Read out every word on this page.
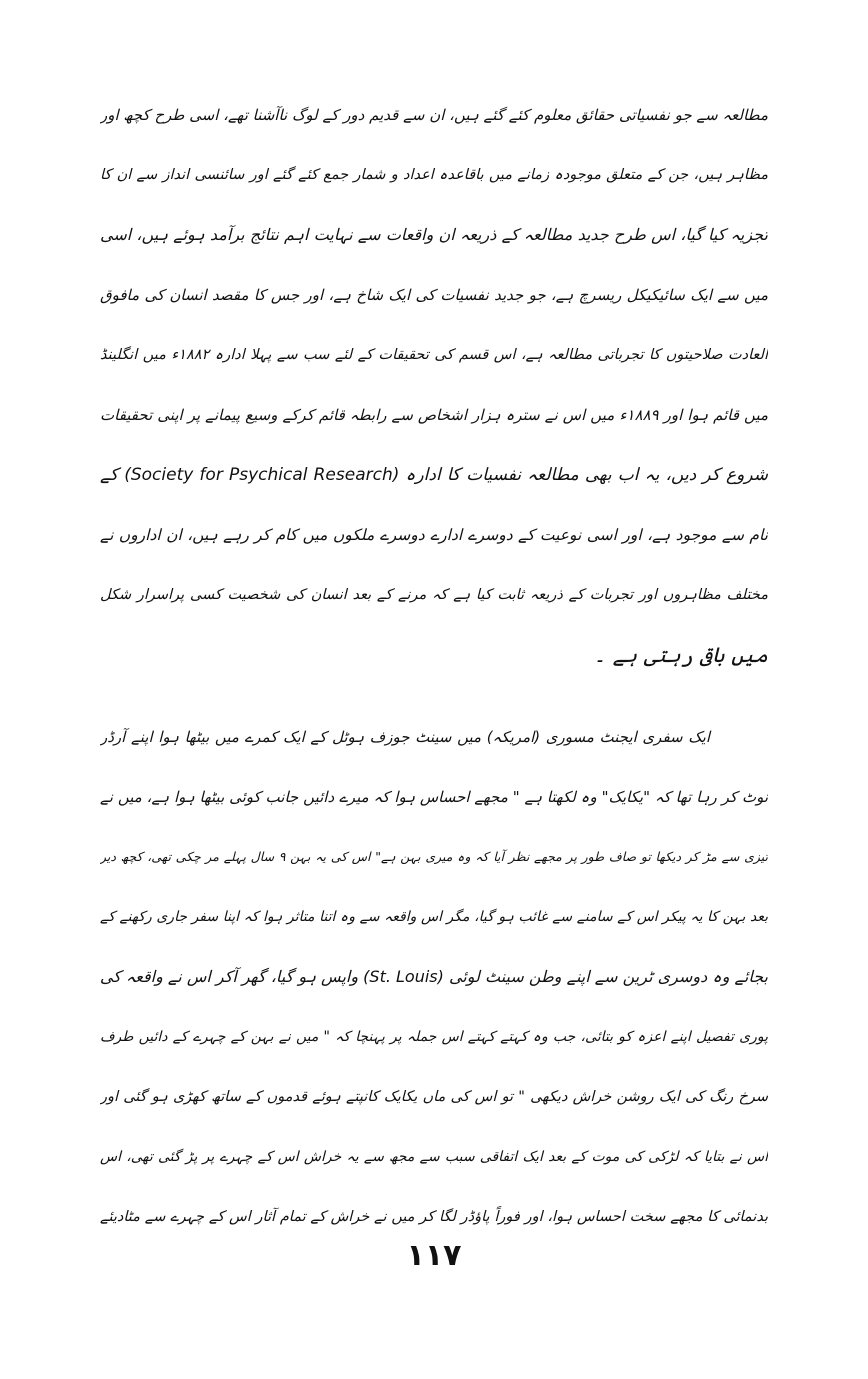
مطالعہ سے جو نفسیاتی حقائق معلوم کئے گئے ہیں، ان سے قدیم دور کے لوگ ناآشنا تھے، اسی طرح کچھ اور
مظاہر ہیں، جن کے متعلق موجودہ زمانے میں باقاعدہ اعداد و شمار جمع کئے گئے اور سائنسی انداز سے ان کا
تجزیہ کیا گیا، اس طرح جدید مطالعہ کے ذریعہ ان واقعات سے نہایت اہم نتائج برآمد ہوئے ہیں، اسی
میں سے ایک سائیکیکل ریسرچ ہے، جو جدید نفسیات کی ایک شاخ ہے، اور جس کا مقصد انسان کی مافوق
العادت صلاحیتوں کا تجرباتی مطالعہ ہے، اس قسم کی تحقیقات کے لئے سب سے پہلا ادارہ ۱۸۸۲ء میں انگلینڈ
میں قائم ہوا اور ۱۸۸۹ء میں اس نے سترہ ہزار اشخاص سے رابطہ قائم کرکے وسیع پیمانے پر اپنی تحقیقات
شروع کر دیں، یہ اب بھی مطالعہ نفسیات کا ادارہ (Society for Psychical Research) کے
نام سے موجود ہے، اور اسی نوعیت کے دوسرے ادارے دوسرے ملکوں میں کام کر رہے ہیں، ان اداروں نے
مختلف مظاہروں اور تجربات کے ذریعہ ثابت کیا ہے کہ مرنے کے بعد انسان کی شخصیت کسی پراسرار شکل
میں باقی رہتی ہے ۔
ایک سفری ایجنٹ مسوری (امریکہ) میں سینٹ جوزف ہوٹل کے ایک کمرے میں بیٹھا ہوا اپنے آرڈر
نوٹ کر رہا تھا کہ "یکایک" وہ لکھتا ہے " مجھے احساس ہوا کہ میرے دائیں جانب کوئی بیٹھا ہوا ہے، میں نے
تیزی سے مڑ کر دیکھا تو صاف طور پر مجھے نظر آیا کہ وہ میری بہن ہے" اس کی یہ بہن ۹ سال پہلے مر چکی تھی، کچھ دیر
بعد بہن کا یہ پیکر اس کے سامنے سے غائب ہو گیا، مگر اس واقعہ سے وہ اتنا متاثر ہوا کہ اپنا سفر جاری رکھنے کے
بجائے وہ دوسری ٹرین سے اپنے وطن سینٹ لوئی (St. Louis) واپس ہو گیا، گھر آکر اس نے واقعہ کی
پوری تفصیل اپنے اعزہ کو بتائی، جب وہ کہتے کہتے اس جملہ پر پہنچا کہ " میں نے بہن کے چہرے کے دائیں طرف
سرخ رنگ کی ایک روشن خراش دیکھی " تو اس کی ماں یکایک کانپتے ہوئے قدموں کے ساتھ کھڑی ہو گئی اور
اس نے بتایا کہ لڑکی کی موت کے بعد ایک اتفاقی سبب سے مجھ سے یہ خراش اس کے چہرے پر پڑ گئی تھی، اس
بدنمائی کا مجھے سخت احساس ہوا، اور فوراً پاؤڈر لگا کر میں نے خراش کے تمام آثار اس کے چہرے سے مٹادیئے
۱۱۷
